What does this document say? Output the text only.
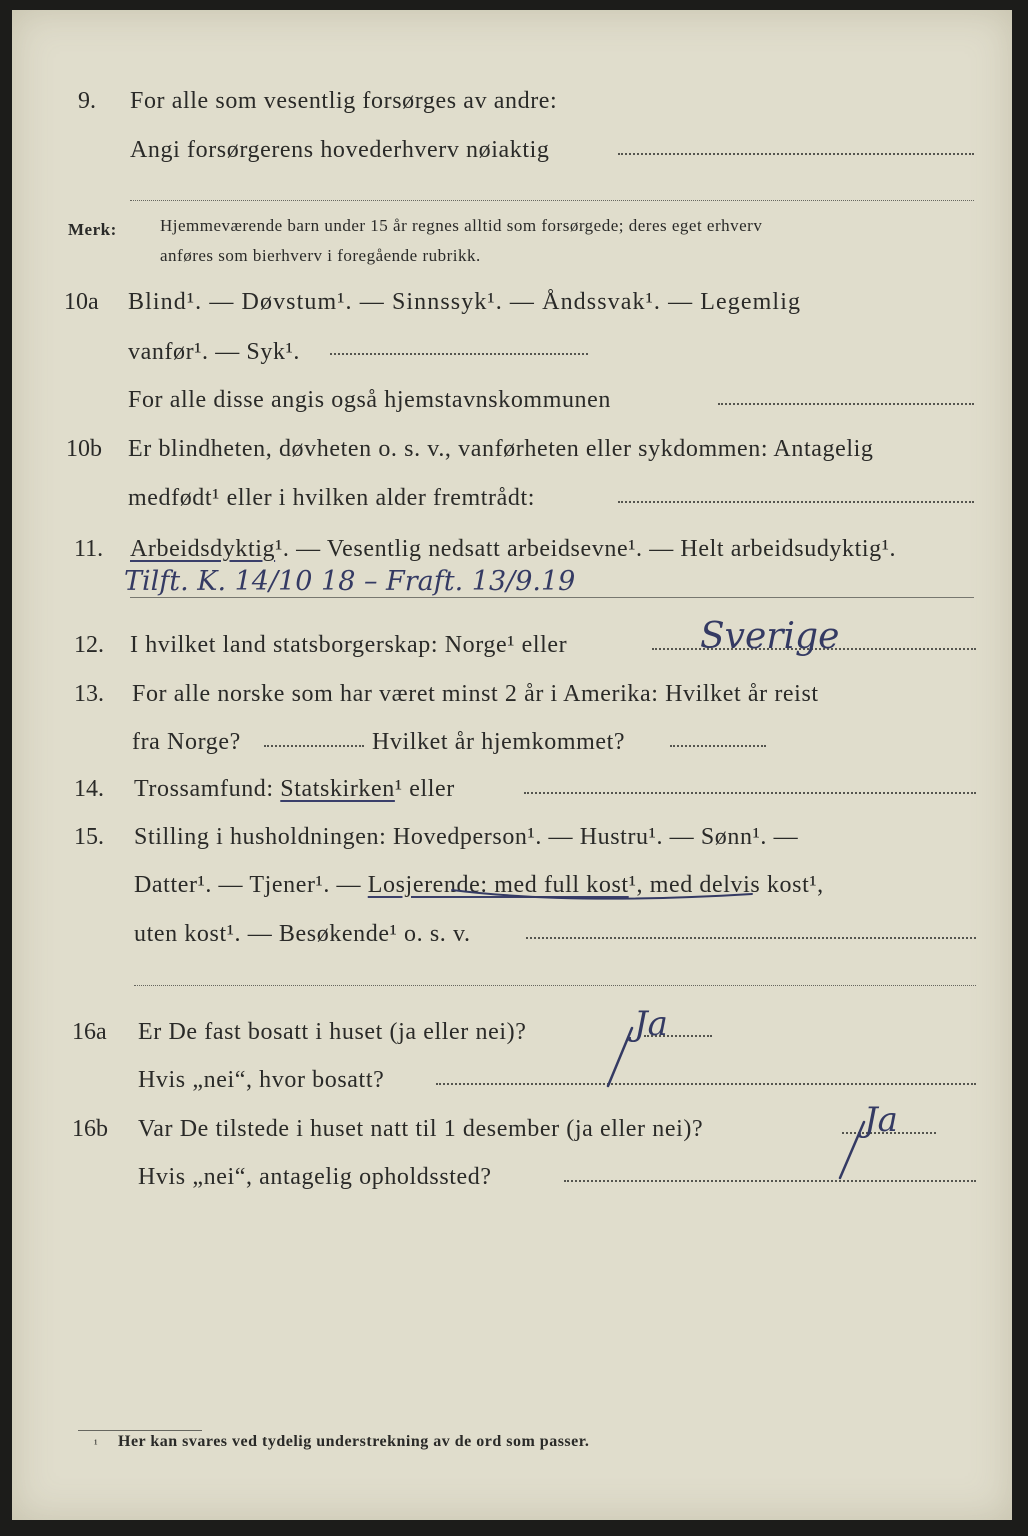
9. For alle som vesentlig forsørges av andre:
Angi forsørgerens hovederhverv nøiaktig
Merk:	Hjemmeværende barn under 15 år regnes alltid som forsørgede; deres eget erhverv
anføres som bierhverv i foregående rubrikk.
10a Blind¹. — Døvstum¹. — Sinnssyk¹. — Åndssvak¹. — Legemlig
vanfør¹. — Syk¹.
For alle disse angis også hjemstavnskommunen
10b Er blindheten, døvheten o. s. v., vanførheten eller sykdommen: Antagelig
medfødt¹ eller i hvilken alder fremtrådt:
11. Arbeidsdyktig¹. — Vesentlig nedsatt arbeidsevne¹. — Helt arbeidsudyktig¹.
Tilft. K. 14/10 18 – Fraft. 13/9.19
12. I hvilket land statsborgerskap: Norge¹ eller	Sverige
13. For alle norske som har været minst 2 år i Amerika: Hvilket år reist
fra Norge?	Hvilket år hjemkommet?
14. Trossamfund: Statskirken¹ eller
15. Stilling i husholdningen: Hovedperson¹. — Hustru¹. — Sønn¹. —
Datter¹. — Tjener¹. — Losjerende: med full kost¹, med delvis kost¹,
uten kost¹. — Besøkende¹ o. s. v.
16a Er De fast bosatt i huset (ja eller nei)?	Ja
Hvis „nei“, hvor bosatt?
16b Var De tilstede i huset natt til 1 desember (ja eller nei)?	Ja
Hvis „nei“, antagelig opholdssted?
¹ Her kan svares ved tydelig understrekning av de ord som passer.
